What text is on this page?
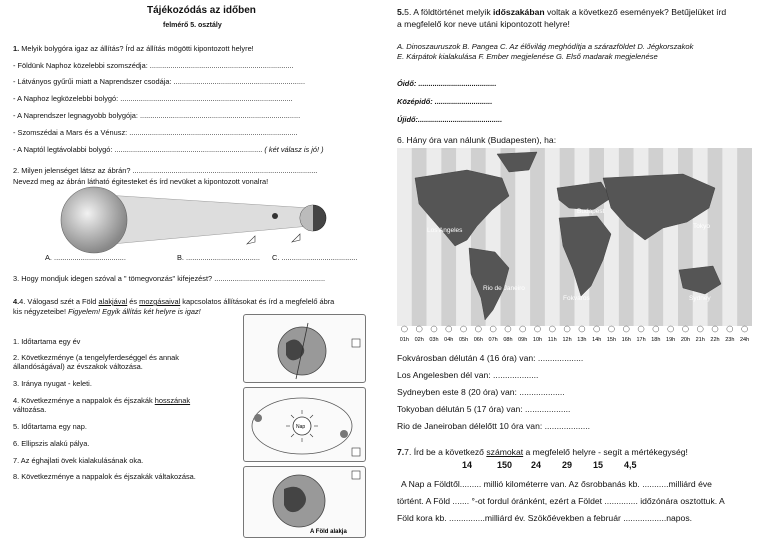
Tájékozódás az időben
felmérő 5. osztály
1. Melyik bolygóra igaz az állítás? Írd az állítás mögötti kipontozott helyre!
- Földünk Naphoz közelebbi szomszédja: ......................................................................
- Látványos gyűrűi miatt a Naprendszer csodája: ................................................................
- A Naphoz legközelebbi bolygó: ....................................................................................
- A Naprendszer legnagyobb bolygója: ..............................................................................
- Szomszédai a Mars és a Vénusz: ..................................................................................
- A Naptól legtávolabbi bolygó: ........................................................................ ( két válasz is jó! )
2. Milyen jelenséget látsz az ábrán? ..........................................................................................
Nevezd meg az ábrán látható égitesteket és írd nevüket a kipontozott vonalra!
A. ...................................	B. .................................... C. .....................................
3. Hogy mondjuk idegen szóval a " tömegvonzás" kifejezést? ......................................................
4.4. Válogasd szét a Föld alakjával és mozgásaival kapcsolatos állításokat és írd a megfelelő ábra
kis négyzeteibe! Figyelem! Egyik állítás két helyre is igaz!
1. Időtartama egy év
2. Következménye (a tengelyferdeséggel és annak
állandóságával) az évszakok változása.
3. Iránya nyugat - keleti.
4. Következménye a nappalok és éjszakák hosszának
változása.
5. Időtartama egy nap.
6. Ellipszis alakú pálya.
7. Az éghajlati övek kialakulásának oka.
8. Következménye a nappalok és éjszakák váltakozása.
Nap
A Föld alakja
5.5. A földtörténet melyik időszakában voltak a következő események? Betűjelüket írd
a megfelelő kor neve utáni kipontozott helyre!
A. Dinoszauruszok B. Pangea C. Az élővilág meghódítja a szárazföldet D. Jégkorszakok
E. Kárpátok kialakulása F. Ember megjelenése G. Első madarak megjelenése
Óidő: ......................................
Középidő: ............................
Újidő:.........................................
6. Hány óra van nálunk (Budapesten), ha:
Los Angeles
Budapest
Tokyo
Rio de Janeiro
Fokváros	Sydney
01h 02h 03h 04h 05h 06h 07h 08h 09h 10h 11h 12h 13h 14h 15h 16h 17h 18h 19h 20h 21h 22h 23h 24h
Fokvárosban délután 4 (16 óra) van: ...................
Los Angelesben dél van: ...................
Sydneyben este 8 (20 óra) van: ...................
Tokyoban délután 5 (17 óra) van: ...................
Rio de Janeiroban délelőtt 10 óra van: ...................
7.7. Írd be a következő számokat a megfelelő helyre - segít a mértékegység!
14	150 24 29 15 4,5
A Nap a Földtől......... millió kilométerre van. Az ősrobbanás kb. ...........milliárd éve
történt. A Föld ....... °-ot fordul óránként, ezért a Földet .............. időzónára osztottuk. A
Föld kora kb. ...............milliárd év. Szökőévekben a február ..................napos.
